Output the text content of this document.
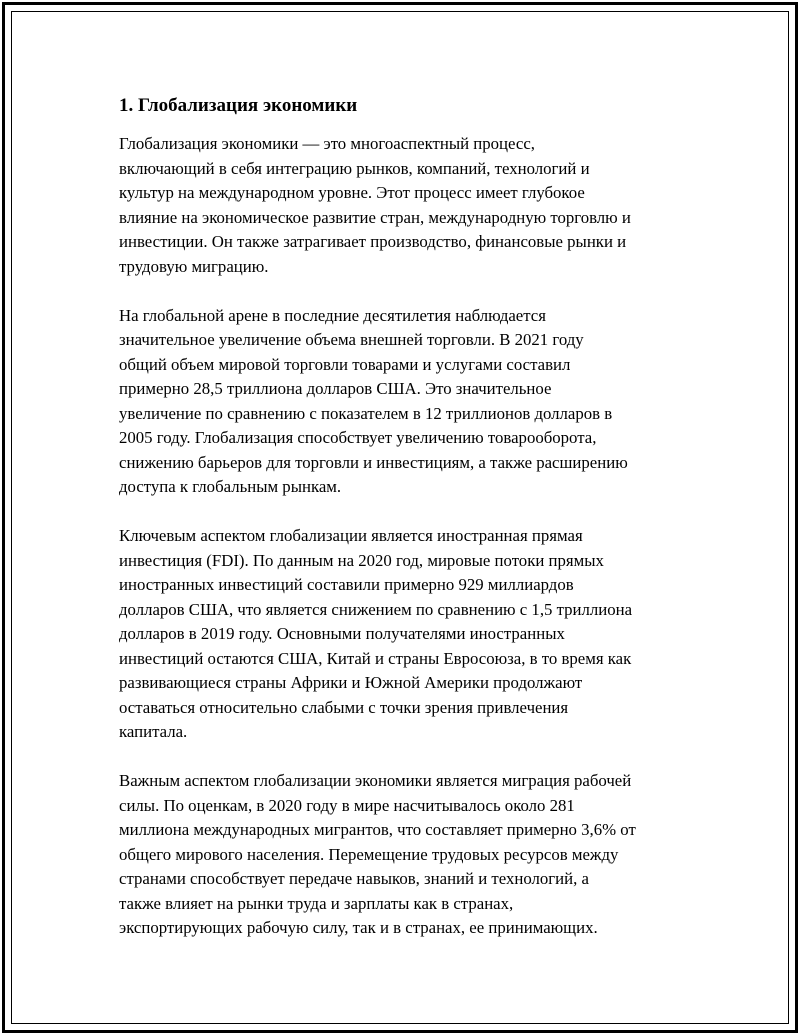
1. Глобализация экономики

Глобализация экономики — это многоаспектный процесс,
включающий в себя интеграцию рынков, компаний, технологий и
культур на международном уровне. Этот процесс имеет глубокое
влияние на экономическое развитие стран, международную торговлю и
инвестиции. Он также затрагивает производство, финансовые рынки и
трудовую миграцию.

На глобальной арене в последние десятилетия наблюдается
значительное увеличение объема внешней торговли. В 2021 году
общий объем мировой торговли товарами и услугами составил
примерно 28,5 триллиона долларов США. Это значительное
увеличение по сравнению с показателем в 12 триллионов долларов в
2005 году. Глобализация способствует увеличению товарооборота,
снижению барьеров для торговли и инвестициям, а также расширению
доступа к глобальным рынкам.

Ключевым аспектом глобализации является иностранная прямая
инвестиция (FDI). По данным на 2020 год, мировые потоки прямых
иностранных инвестиций составили примерно 929 миллиардов
долларов США, что является снижением по сравнению с 1,5 триллиона
долларов в 2019 году. Основными получателями иностранных
инвестиций остаются США, Китай и страны Евросоюза, в то время как
развивающиеся страны Африки и Южной Америки продолжают
оставаться относительно слабыми с точки зрения привлечения
капитала.

Важным аспектом глобализации экономики является миграция рабочей
силы. По оценкам, в 2020 году в мире насчитывалось около 281
миллиона международных мигрантов, что составляет примерно 3,6% от
общего мирового населения. Перемещение трудовых ресурсов между
странами способствует передаче навыков, знаний и технологий, а
также влияет на рынки труда и зарплаты как в странах,
экспортирующих рабочую силу, так и в странах, ее принимающих.
